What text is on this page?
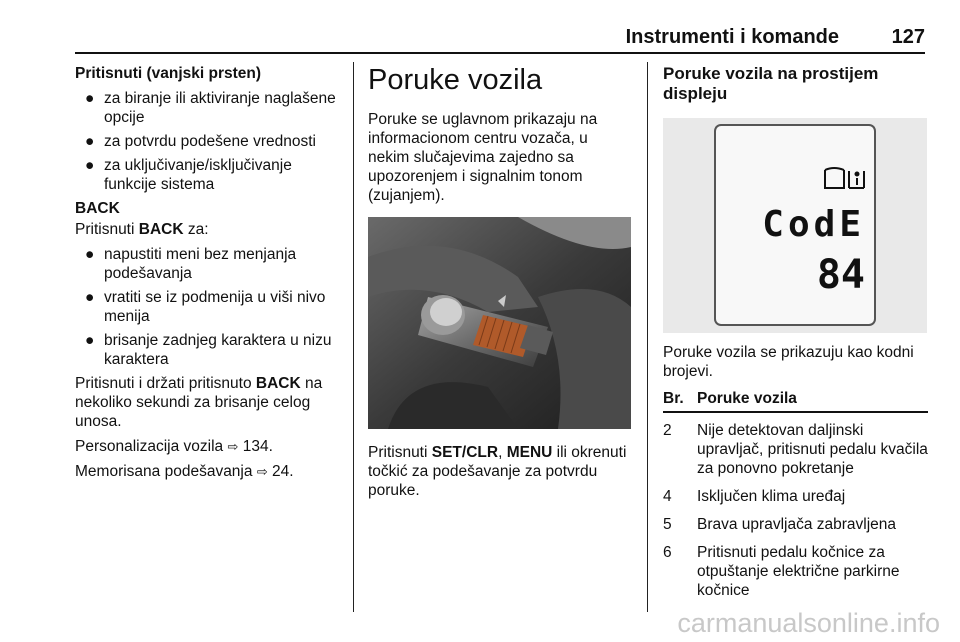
Instrumenti i komande	127

Pritisnuti (vanjski prsten)

● za biranje ili aktiviranje naglašene opcije
● za potvrdu podešene vrednosti
● za uključivanje/isključivanje funkcije sistema

BACK

Pritisnuti BACK za:

● napustiti meni bez menjanja podešavanja
● vratiti se iz podmenija u viši nivo menija
● brisanje zadnjeg karaktera u nizu karaktera

Pritisnuti i držati pritisnuto BACK na nekoliko sekundi za brisanje celog unosa.

Personalizacija vozila ⇨ 134.

Memorisana podešavanja ⇨ 24.

Poruke vozila

Poruke se uglavnom prikazaju na informacionom centru vozača, u nekim slučajevima zajedno sa upozorenjem i signalnim tonom (zujanjem).

Pritisnuti SET/CLR, MENU ili okrenuti točkić za podešavanje za potvrdu poruke.

Poruke vozila na prostijem displeju
84
CodE

Poruke vozila se prikazuju kao kodni brojevi.

Br. Poruke vozila
2	Nije detektovan daljinski upravljač, pritisnuti pedalu kvačila za ponovno pokretanje
4	Isključen klima uređaj
5	Brava upravljača zabravljena
6	Pritisnuti pedalu kočnice za otpuštanje električne parkirne kočnice
carmanualsonline.info
